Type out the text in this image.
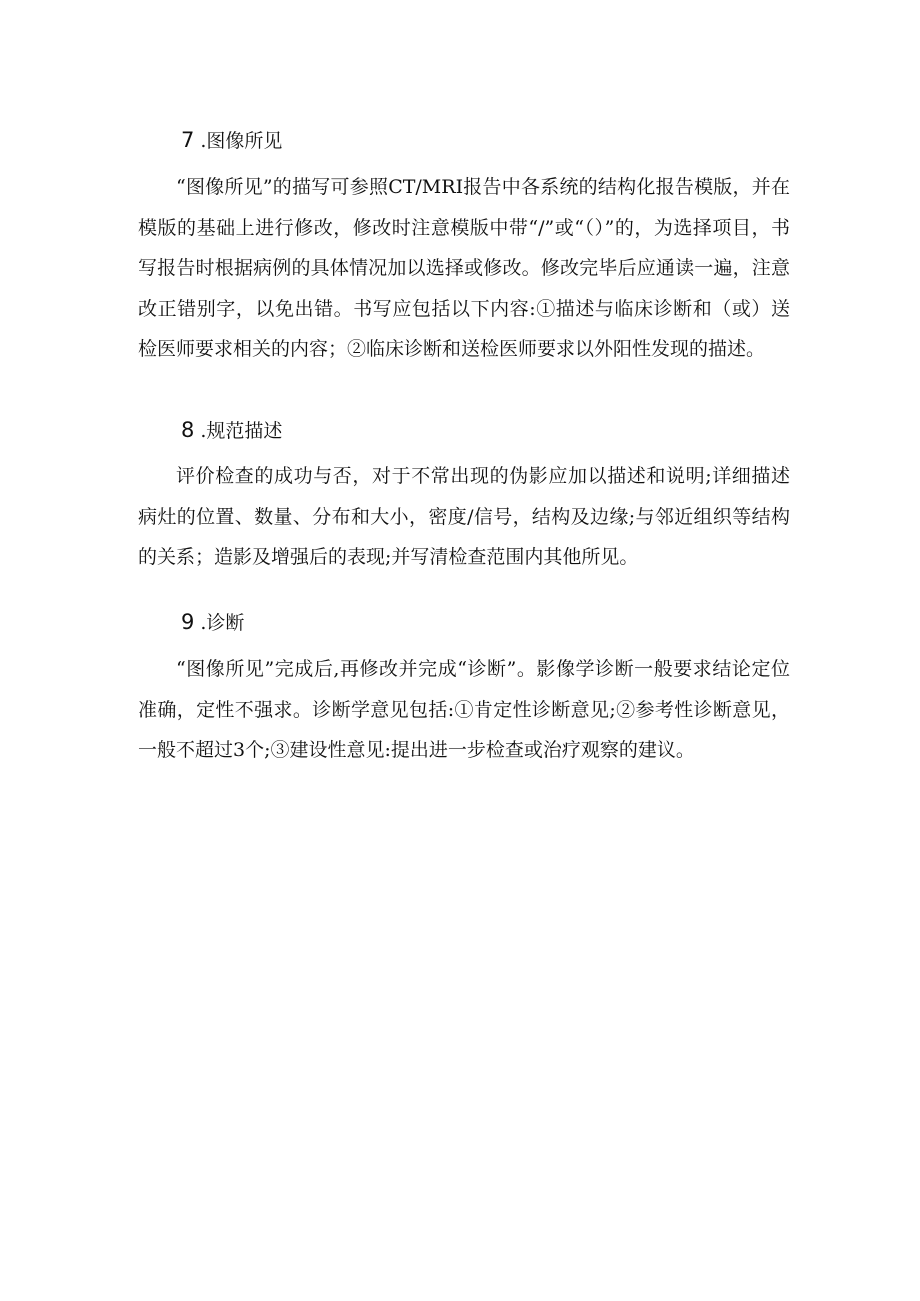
7 .图像所见

“图像所见”的描写可参照CT/MRI报告中各系统的结构化报告模版，并在模版的基础上进行修改，修改时注意模版中带“/”或“（）”的，为选择项目，书写报告时根据病例的具体情况加以选择或修改。修改完毕后应通读一遍，注意改正错别字，以免出错。书写应包括以下内容:①描述与临床诊断和（或）送检医师要求相关的内容；②临床诊断和送检医师要求以外阳性发现的描述。

8 .规范描述

评价检查的成功与否，对于不常出现的伪影应加以描述和说明;详细描述病灶的位置、数量、分布和大小，密度/信号，结构及边缘;与邻近组织等结构的关系；造影及增强后的表现;并写清检查范围内其他所见。

9 .诊断

“图像所见”完成后,再修改并完成“诊断”。影像学诊断一般要求结论定位准确，定性不强求。诊断学意见包括:①肯定性诊断意见;②参考性诊断意见，一般不超过3个;③建设性意见:提出进一步检查或治疗观察的建议。
